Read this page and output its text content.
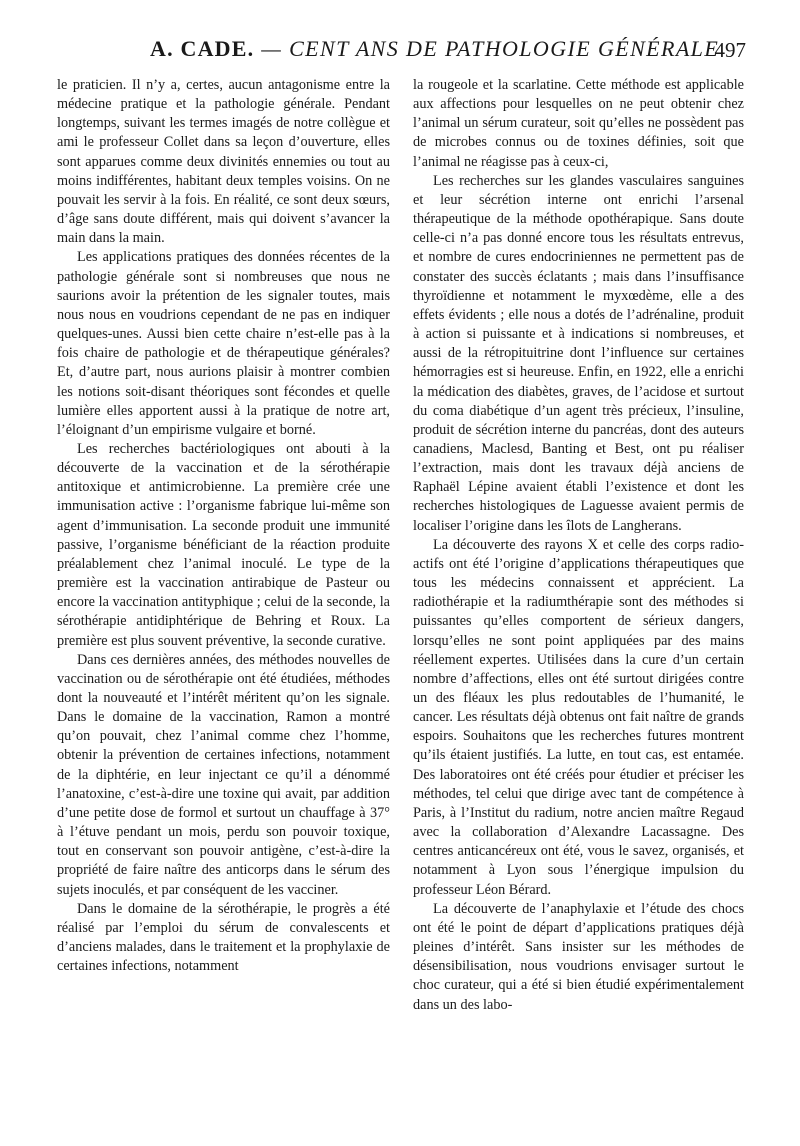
A. CADE. — CENT ANS DE PATHOLOGIE GÉNÉRALE
497

le praticien. Il n’y a, certes, aucun antagonisme entre la médecine pratique et la pathologie générale. Pendant longtemps, suivant les termes imagés de notre collègue et ami le professeur Collet dans sa leçon d’ouverture, elles sont apparues comme deux divinités ennemies ou tout au moins indifférentes, habitant deux temples voisins. On ne pouvait les servir à la fois. En réalité, ce sont deux sœurs, d’âge sans doute différent, mais qui doivent s’avancer la main dans la main.

Les applications pratiques des données récentes de la pathologie générale sont si nombreuses que nous ne saurions avoir la prétention de les signaler toutes, mais nous nous en voudrions cependant de ne pas en indiquer quelques-unes. Aussi bien cette chaire n’est-elle pas à la fois chaire de pathologie et de thérapeutique générales? Et, d’autre part, nous aurions plaisir à montrer combien les notions soit-disant théoriques sont fécondes et quelle lumière elles apportent aussi à la pratique de notre art, l’éloignant d’un empirisme vulgaire et borné.

Les recherches bactériologiques ont abouti à la découverte de la vaccination et de la sérothérapie antitoxique et antimicrobienne. La première crée une immunisation active : l’organisme fabrique lui-même son agent d’immunisation. La seconde produit une immunité passive, l’organisme bénéficiant de la réaction produite préalablement chez l’animal inoculé. Le type de la première est la vaccination antirabique de Pasteur ou encore la vaccination antityphique ; celui de la seconde, la sérothérapie antidiphtérique de Behring et Roux. La première est plus souvent préventive, la seconde curative.

Dans ces dernières années, des méthodes nouvelles de vaccination ou de sérothérapie ont été étudiées, méthodes dont la nouveauté et l’intérêt méritent qu’on les signale. Dans le domaine de la vaccination, Ramon a montré qu’on pouvait, chez l’animal comme chez l’homme, obtenir la prévention de certaines infections, notamment de la diphtérie, en leur injectant ce qu’il a dénommé l’anatoxine, c’est-à-dire une toxine qui avait, par addition d’une petite dose de formol et surtout un chauffage à 37° à l’étuve pendant un mois, perdu son pouvoir toxique, tout en conservant son pouvoir antigène, c’est-à-dire la propriété de faire naître des anticorps dans le sérum des sujets inoculés, et par conséquent de les vacciner.

Dans le domaine de la sérothérapie, le progrès a été réalisé par l’emploi du sérum de convalescents et d’anciens malades, dans le traitement et la prophylaxie de certaines infections, notamment

la rougeole et la scarlatine. Cette méthode est applicable aux affections pour lesquelles on ne peut obtenir chez l’animal un sérum curateur, soit qu’elles ne possèdent pas de microbes connus ou de toxines définies, soit que l’animal ne réagisse pas à ceux-ci,

Les recherches sur les glandes vasculaires sanguines et leur sécrétion interne ont enrichi l’arsenal thérapeutique de la méthode opothérapique. Sans doute celle-ci n’a pas donné encore tous les résultats entrevus, et nombre de cures endocriniennes ne permettent pas de constater des succès éclatants ; mais dans l’insuffisance thyroïdienne et notamment le myxœdème, elle a des effets évidents ; elle nous a dotés de l’adrénaline, produit à action si puissante et à indications si nombreuses, et aussi de la rétropituitrine dont l’influence sur certaines hémorragies est si heureuse. Enfin, en 1922, elle a enrichi la médication des diabètes, graves, de l’acidose et surtout du coma diabétique d’un agent très précieux, l’insuline, produit de sécrétion interne du pancréas, dont des auteurs canadiens, Maclesd, Banting et Best, ont pu réaliser l’extraction, mais dont les travaux déjà anciens de Raphaël Lépine avaient établi l’existence et dont les recherches histologiques de Laguesse avaient permis de localiser l’origine dans les îlots de Langherans.

La découverte des rayons X et celle des corps radio-actifs ont été l’origine d’applications thérapeutiques que tous les médecins connaissent et apprécient. La radiothérapie et la radiumthérapie sont des méthodes si puissantes qu’elles comportent de sérieux dangers, lorsqu’elles ne sont point appliquées par des mains réellement expertes. Utilisées dans la cure d’un certain nombre d’affections, elles ont été surtout dirigées contre un des fléaux les plus redoutables de l’humanité, le cancer. Les résultats déjà obtenus ont fait naître de grands espoirs. Souhaitons que les recherches futures montrent qu’ils étaient justifiés. La lutte, en tout cas, est entamée. Des laboratoires ont été créés pour étudier et préciser les méthodes, tel celui que dirige avec tant de compétence à Paris, à l’Institut du radium, notre ancien maître Regaud avec la collaboration d’Alexandre Lacassagne. Des centres anticancéreux ont été, vous le savez, organisés, et notamment à Lyon sous l’énergique impulsion du professeur Léon Bérard.

La découverte de l’anaphylaxie et l’étude des chocs ont été le point de départ d’applications pratiques déjà pleines d’intérêt. Sans insister sur les méthodes de désensibilisation, nous voudrions envisager surtout le choc curateur, qui a été si bien étudié expérimentalement dans un des labo-
